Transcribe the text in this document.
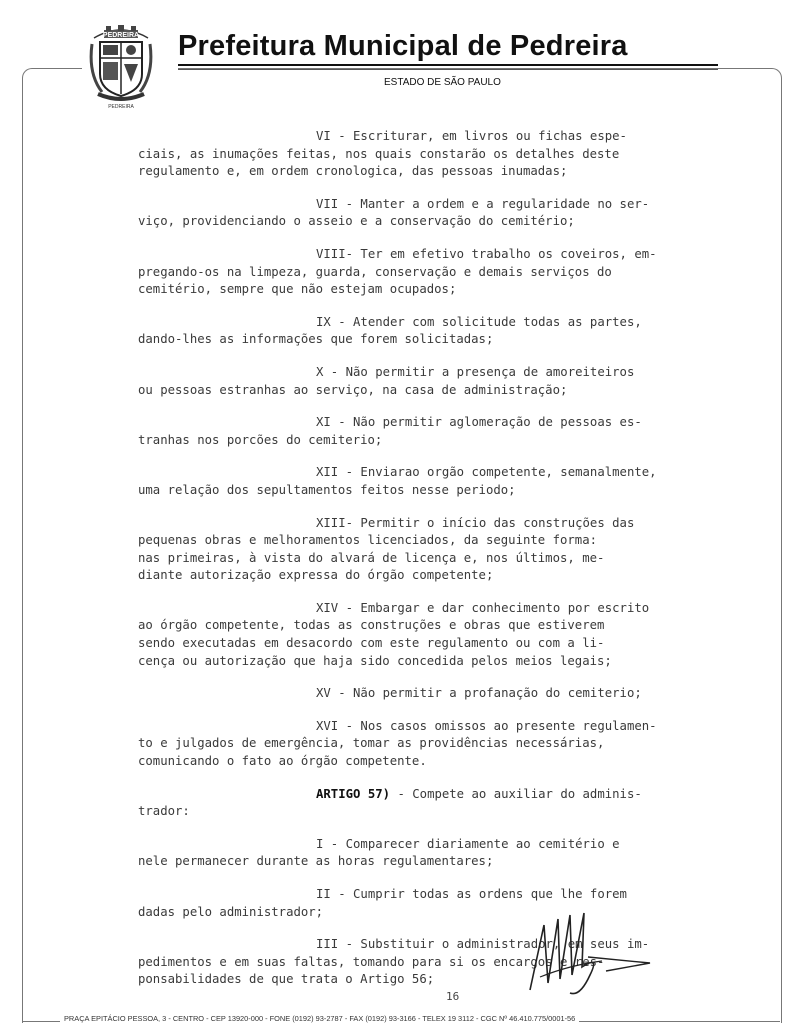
PEDREIRA
PEDREIRA
Prefeitura Municipal de Pedreira
ESTADO DE SÃO PAULO
VI - Escriturar, em livros ou fichas espe-
ciais, as inumações feitas, nos quais constarão os detalhes deste
regulamento e, em ordem cronologica, das pessoas inumadas;
VII - Manter a ordem e a regularidade no ser-
viço, providenciando o asseio e a conservação do cemitério;
VIII- Ter em efetivo trabalho os coveiros, em-
pregando-os na limpeza, guarda, conservação e demais serviços do
cemitério, sempre que não estejam ocupados;
IX - Atender com solicitude todas as partes,
dando-lhes as informações que forem solicitadas;
X - Não permitir a presença de amoreiteiros
ou pessoas estranhas ao serviço, na casa de administração;
XI - Não permitir aglomeração de pessoas es-
tranhas nos porcões do cemiterio;
XII - Enviarao orgão competente, semanalmente,
uma relação dos sepultamentos feitos nesse periodo;
XIII- Permitir o início das construções das
pequenas obras e melhoramentos licenciados, da seguinte forma:
nas primeiras, à vista do alvará de licença e, nos últimos, me-
diante autorização expressa do órgão competente;
XIV - Embargar e dar conhecimento por escrito
ao órgão competente, todas as construções e obras que estiverem
sendo executadas em desacordo com este regulamento ou com a li-
cença ou autorização que haja sido concedida pelos meios legais;
XV - Não permitir a profanação do cemiterio;
XVI - Nos casos omissos ao presente regulamen-
to e julgados de emergência, tomar as providências necessárias,
comunicando o fato ao órgão competente.
ARTIGO 57) - Compete ao auxiliar do adminis-
trador:
I - Comparecer diariamente ao cemitério e
nele permanecer durante as horas regulamentares;
II - Cumprir todas as ordens que lhe forem
dadas pelo administrador;
III - Substituir o administrador, em seus im-
pedimentos e em suas faltas, tomando para si os encargos e res-
ponsabilidades de que trata o Artigo 56;
16
PRAÇA EPITÁCIO PESSOA, 3 - CENTRO - CEP 13920-000 - FONE (0192) 93-2787 - FAX (0192) 93-3166 - TELEX 19 3112 - CGC Nº 46.410.775/0001-56
